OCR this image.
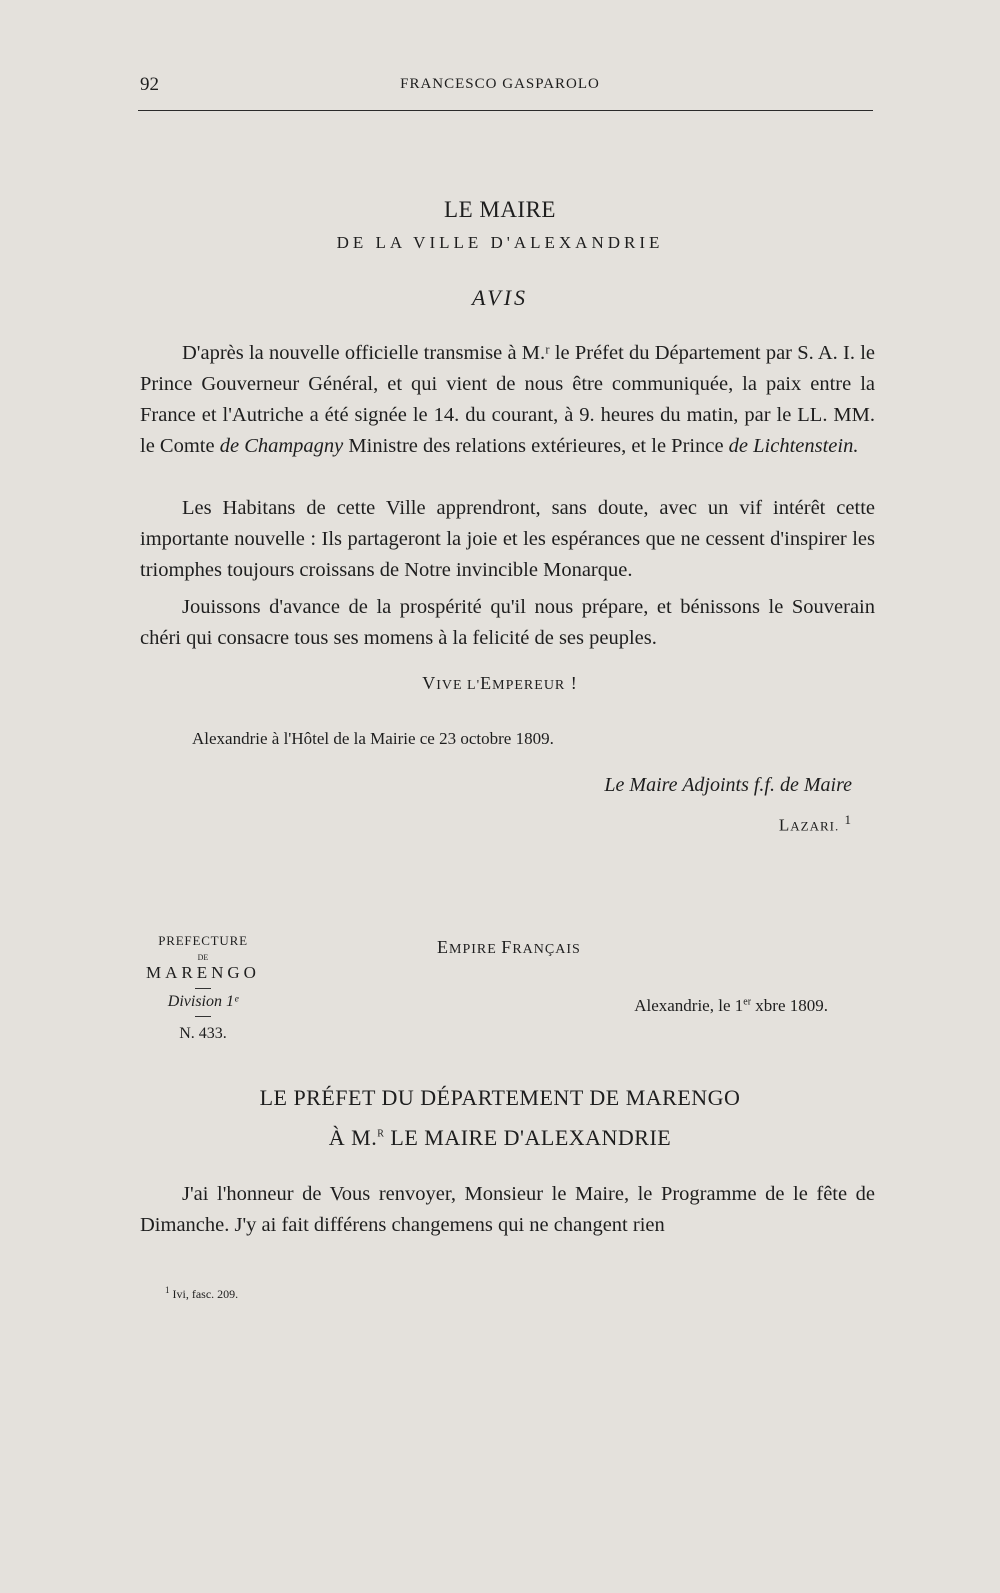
92	FRANCESCO GASPAROLO
LE MAIRE
DE LA VILLE D'ALEXANDRIE
AVIS

D'après la nouvelle officielle transmise à M.ʳ le Préfet du Département par S. A. I. le Prince Gouverneur Général, et qui vient de nous être communiquée, la paix entre la France et l'Autriche a été signée le 14. du courant, à 9. heures du matin, par le LL. MM. le Comte de Champagny Ministre des relations extérieures, et le Prince de Lichtenstein.

Les Habitans de cette Ville apprendront, sans doute, avec un vif intérêt cette importante nouvelle : Ils partageront la joie et les espérances que ne cessent d'inspirer les triomphes toujours croissans de Notre invincible Monarque.

Jouissons d'avance de la prospérité qu'il nous prépare, et bénissons le Souverain chéri qui consacre tous ses momens à la felicité de ses peuples.

VIVE L'EMPEREUR !
Alexandrie à l'Hôtel de la Mairie ce 23 octobre 1809.
Le Maire Adjoints f.f. de Maire
LAZARI. $^1$
PREFECTURE
DE
MARENGO
Division 1ᵉ
N. 433.
EMPIRE FRANÇAIS
Alexandrie, le 1er xbre 1809.
LE PRÉFET DU DÉPARTEMENT DE MARENGO
À M.$^R$ LE MAIRE D'ALEXANDRIE

J'ai l'honneur de Vous renvoyer, Monsieur le Maire, le Programme de le fête de Dimanche. J'y ai fait différens changemens qui ne changent rien

$^1$ Ivi, fasc. 209.
